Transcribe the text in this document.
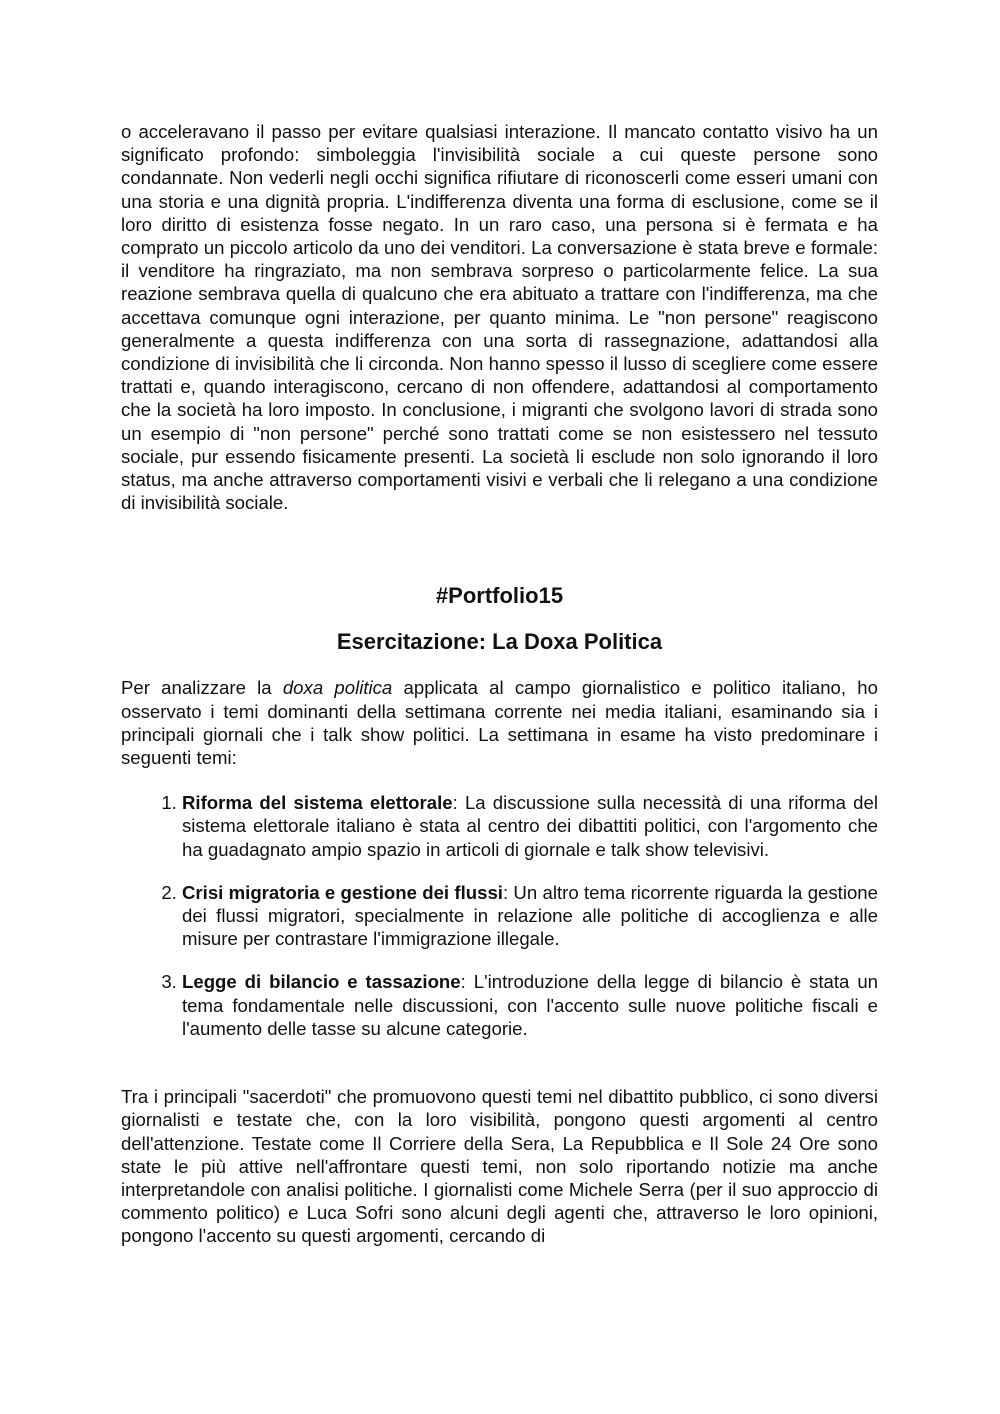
o acceleravano il passo per evitare qualsiasi interazione. Il mancato contatto visivo ha un significato profondo: simboleggia l'invisibilità sociale a cui queste persone sono condannate. Non vederli negli occhi significa rifiutare di riconoscerli come esseri umani con una storia e una dignità propria. L'indifferenza diventa una forma di esclusione, come se il loro diritto di esistenza fosse negato. In un raro caso, una persona si è fermata e ha comprato un piccolo articolo da uno dei venditori. La conversazione è stata breve e formale: il venditore ha ringraziato, ma non sembrava sorpreso o particolarmente felice. La sua reazione sembrava quella di qualcuno che era abituato a trattare con l'indifferenza, ma che accettava comunque ogni interazione, per quanto minima. Le "non persone" reagiscono generalmente a questa indifferenza con una sorta di rassegnazione, adattandosi alla condizione di invisibilità che li circonda. Non hanno spesso il lusso di scegliere come essere trattati e, quando interagiscono, cercano di non offendere, adattandosi al comportamento che la società ha loro imposto. In conclusione, i migranti che svolgono lavori di strada sono un esempio di "non persone" perché sono trattati come se non esistessero nel tessuto sociale, pur essendo fisicamente presenti. La società li esclude non solo ignorando il loro status, ma anche attraverso comportamenti visivi e verbali che li relegano a una condizione di invisibilità sociale.

#Portfolio15
Esercitazione: La Doxa Politica

Per analizzare la doxa politica applicata al campo giornalistico e politico italiano, ho osservato i temi dominanti della settimana corrente nei media italiani, esaminando sia i principali giornali che i talk show politici. La settimana in esame ha visto predominare i seguenti temi:

1. Riforma del sistema elettorale: La discussione sulla necessità di una riforma del sistema elettorale italiano è stata al centro dei dibattiti politici, con l'argomento che ha guadagnato ampio spazio in articoli di giornale e talk show televisivi.
2. Crisi migratoria e gestione dei flussi: Un altro tema ricorrente riguarda la gestione dei flussi migratori, specialmente in relazione alle politiche di accoglienza e alle misure per contrastare l'immigrazione illegale.
3. Legge di bilancio e tassazione: L'introduzione della legge di bilancio è stata un tema fondamentale nelle discussioni, con l'accento sulle nuove politiche fiscali e l'aumento delle tasse su alcune categorie.

Tra i principali "sacerdoti" che promuovono questi temi nel dibattito pubblico, ci sono diversi giornalisti e testate che, con la loro visibilità, pongono questi argomenti al centro dell'attenzione. Testate come Il Corriere della Sera, La Repubblica e Il Sole 24 Ore sono state le più attive nell'affrontare questi temi, non solo riportando notizie ma anche interpretandole con analisi politiche. I giornalisti come Michele Serra (per il suo approccio di commento politico) e Luca Sofri sono alcuni degli agenti che, attraverso le loro opinioni, pongono l'accento su questi argomenti, cercando di
